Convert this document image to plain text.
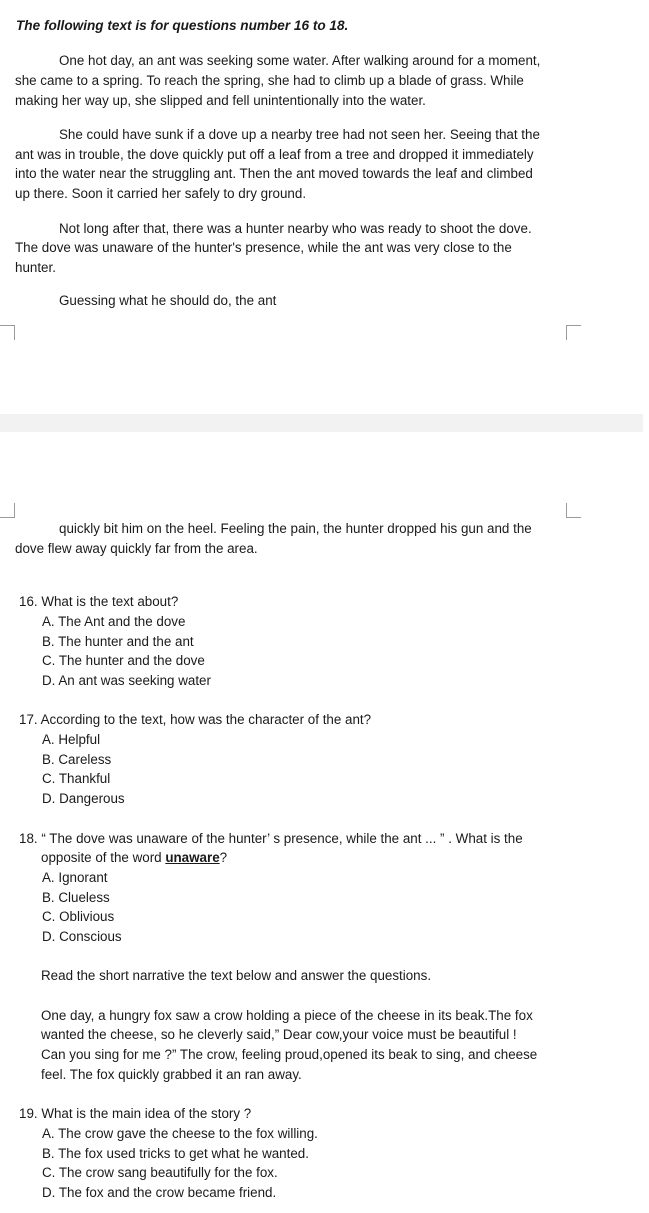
The following text is for questions number 16 to 18.
One hot day, an ant was seeking some water. After walking around for a moment,
she came to a spring. To reach the spring, she had to climb up a blade of grass. While
making her way up, she slipped and fell unintentionally into the water.
She could have sunk if a dove up a nearby tree had not seen her. Seeing that the
ant was in trouble, the dove quickly put off a leaf from a tree and dropped it immediately
into the water near the struggling ant. Then the ant moved towards the leaf and climbed
up there. Soon it carried her safely to dry ground.
Not long after that, there was a hunter nearby who was ready to shoot the dove.
The dove was unaware of the hunter's presence, while the ant was very close to the
hunter.
Guessing what he should do, the ant
quickly bit him on the heel. Feeling the pain, the hunter dropped his gun and the
dove flew away quickly far from the area.
16. What is the text about?
A. The Ant and the dove
B. The hunter and the ant
C. The hunter and the dove
D. An ant was seeking water
17. According to the text, how was the character of the ant?
A. Helpful
B. Careless
C. Thankful
D. Dangerous
18. “ The dove was unaware of the hunter’ s presence, while the ant ... ” . What is the
opposite of the word unaware?
A. Ignorant
B. Clueless
C. Oblivious
D. Conscious
Read the short narrative the text below and answer the questions.
One day, a hungry fox saw a crow holding a piece of the cheese in its beak.The fox
wanted the cheese, so he cleverly said,” Dear cow,your voice must be beautiful !
Can you sing for me ?” The crow, feeling proud,opened its beak to sing, and cheese
feel. The fox quickly grabbed it an ran away.
19. What is the main idea of the story ?
A. The crow gave the cheese to the fox willing.
B. The fox used tricks to get what he wanted.
C. The crow sang beautifully for the fox.
D. The fox and the crow became friend.
